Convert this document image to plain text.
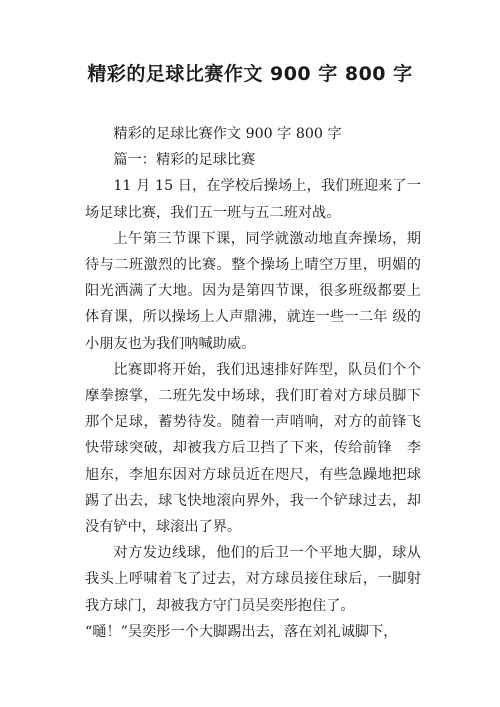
精彩的足球比赛作文 900 字 800 字

精彩的足球比赛作文 900 字 800 字

篇一：精彩的足球比赛

11 月 15 日，在学校后操场上，我们班迎来了一场足球比赛，我们五一班与五二班对战。

上午第三节课下课，同学就激动地直奔操场，期待与二班激烈的比赛。整个操场上晴空万里，明媚的阳光洒满了大地。因为是第四节课，很多班级都要上体育课，所以操场上人声鼎沸，就连一些一二年 级的小朋友也为我们呐喊助威。

比赛即将开始，我们迅速排好阵型，队员们个个摩拳擦掌，二班先发中场球，我们盯着对方球员脚下那个足球，蓄势待发。随着一声哨响，对方的前锋飞快带球突破，却被我方后卫挡了下来，传给前锋　李旭东，李旭东因对方球员近在咫尺，有些急躁地把球踢了出去，球飞快地滚向界外，我一个铲球过去，却没有铲中，球滚出了界。

对方发边线球，他们的后卫一个平地大脚，球从我头上呼啸着飞了过去，对方球员接住球后，一脚射我方球门，却被我方守门员吴奕彤抱住了。

“嗵！”吴奕彤一个大脚踢出去，落在刘礼诚脚下，
